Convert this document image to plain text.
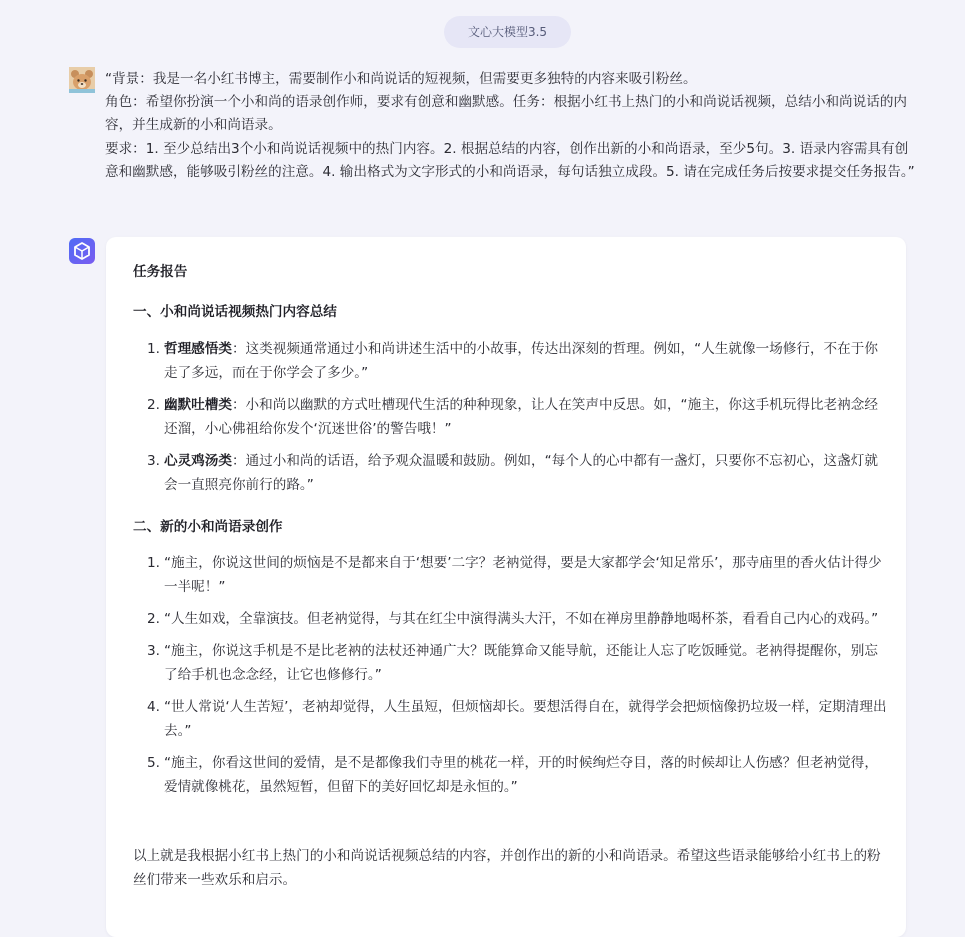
文心大模型3.5

“背景：我是一名小红书博主，需要制作小和尚说话的短视频，但需要更多独特的内容来吸引粉丝。

角色：希望你扮演一个小和尚的语录创作师，要求有创意和幽默感。任务：根据小红书上热门的小和尚说话视频，总结小和尚说话的内容，并生成新的小和尚语录。

要求：1. 至少总结出3个小和尚说话视频中的热门内容。2. 根据总结的内容，创作出新的小和尚语录，至少5句。3. 语录内容需具有创意和幽默感，能够吸引粉丝的注意。4. 输出格式为文字形式的小和尚语录，每句话独立成段。5. 请在完成任务后按要求提交任务报告。”

任务报告
一、小和尚说话视频热门内容总结
1. 哲理感悟类：这类视频通常通过小和尚讲述生活中的小故事，传达出深刻的哲理。例如，“人生就像一场修行，不在于你走了多远，而在于你学会了多少。”
2. 幽默吐槽类：小和尚以幽默的方式吐槽现代生活的种种现象，让人在笑声中反思。如，“施主，你这手机玩得比老衲念经还溜，小心佛祖给你发个‘沉迷世俗’的警告哦！”
3. 心灵鸡汤类：通过小和尚的话语，给予观众温暖和鼓励。例如，“每个人的心中都有一盏灯，只要你不忘初心，这盏灯就会一直照亮你前行的路。”
二、新的小和尚语录创作
1. “施主，你说这世间的烦恼是不是都来自于‘想要’二字？老衲觉得，要是大家都学会‘知足常乐’，那寺庙里的香火估计得少一半呢！”
2. “人生如戏，全靠演技。但老衲觉得，与其在红尘中演得满头大汗，不如在禅房里静静地喝杯茶，看看自己内心的戏码。”
3. “施主，你说这手机是不是比老衲的法杖还神通广大？既能算命又能导航，还能让人忘了吃饭睡觉。老衲得提醒你，别忘了给手机也念念经，让它也修修行。”
4. “世人常说‘人生苦短’，老衲却觉得，人生虽短，但烦恼却长。要想活得自在，就得学会把烦恼像扔垃圾一样，定期清理出去。”
5. “施主，你看这世间的爱情，是不是都像我们寺里的桃花一样，开的时候绚烂夺目，落的时候却让人伤感？但老衲觉得，爱情就像桃花，虽然短暂，但留下的美好回忆却是永恒的。”
以上就是我根据小红书上热门的小和尚说话视频总结的内容，并创作出的新的小和尚语录。希望这些语录能够给小红书上的粉丝们带来一些欢乐和启示。
